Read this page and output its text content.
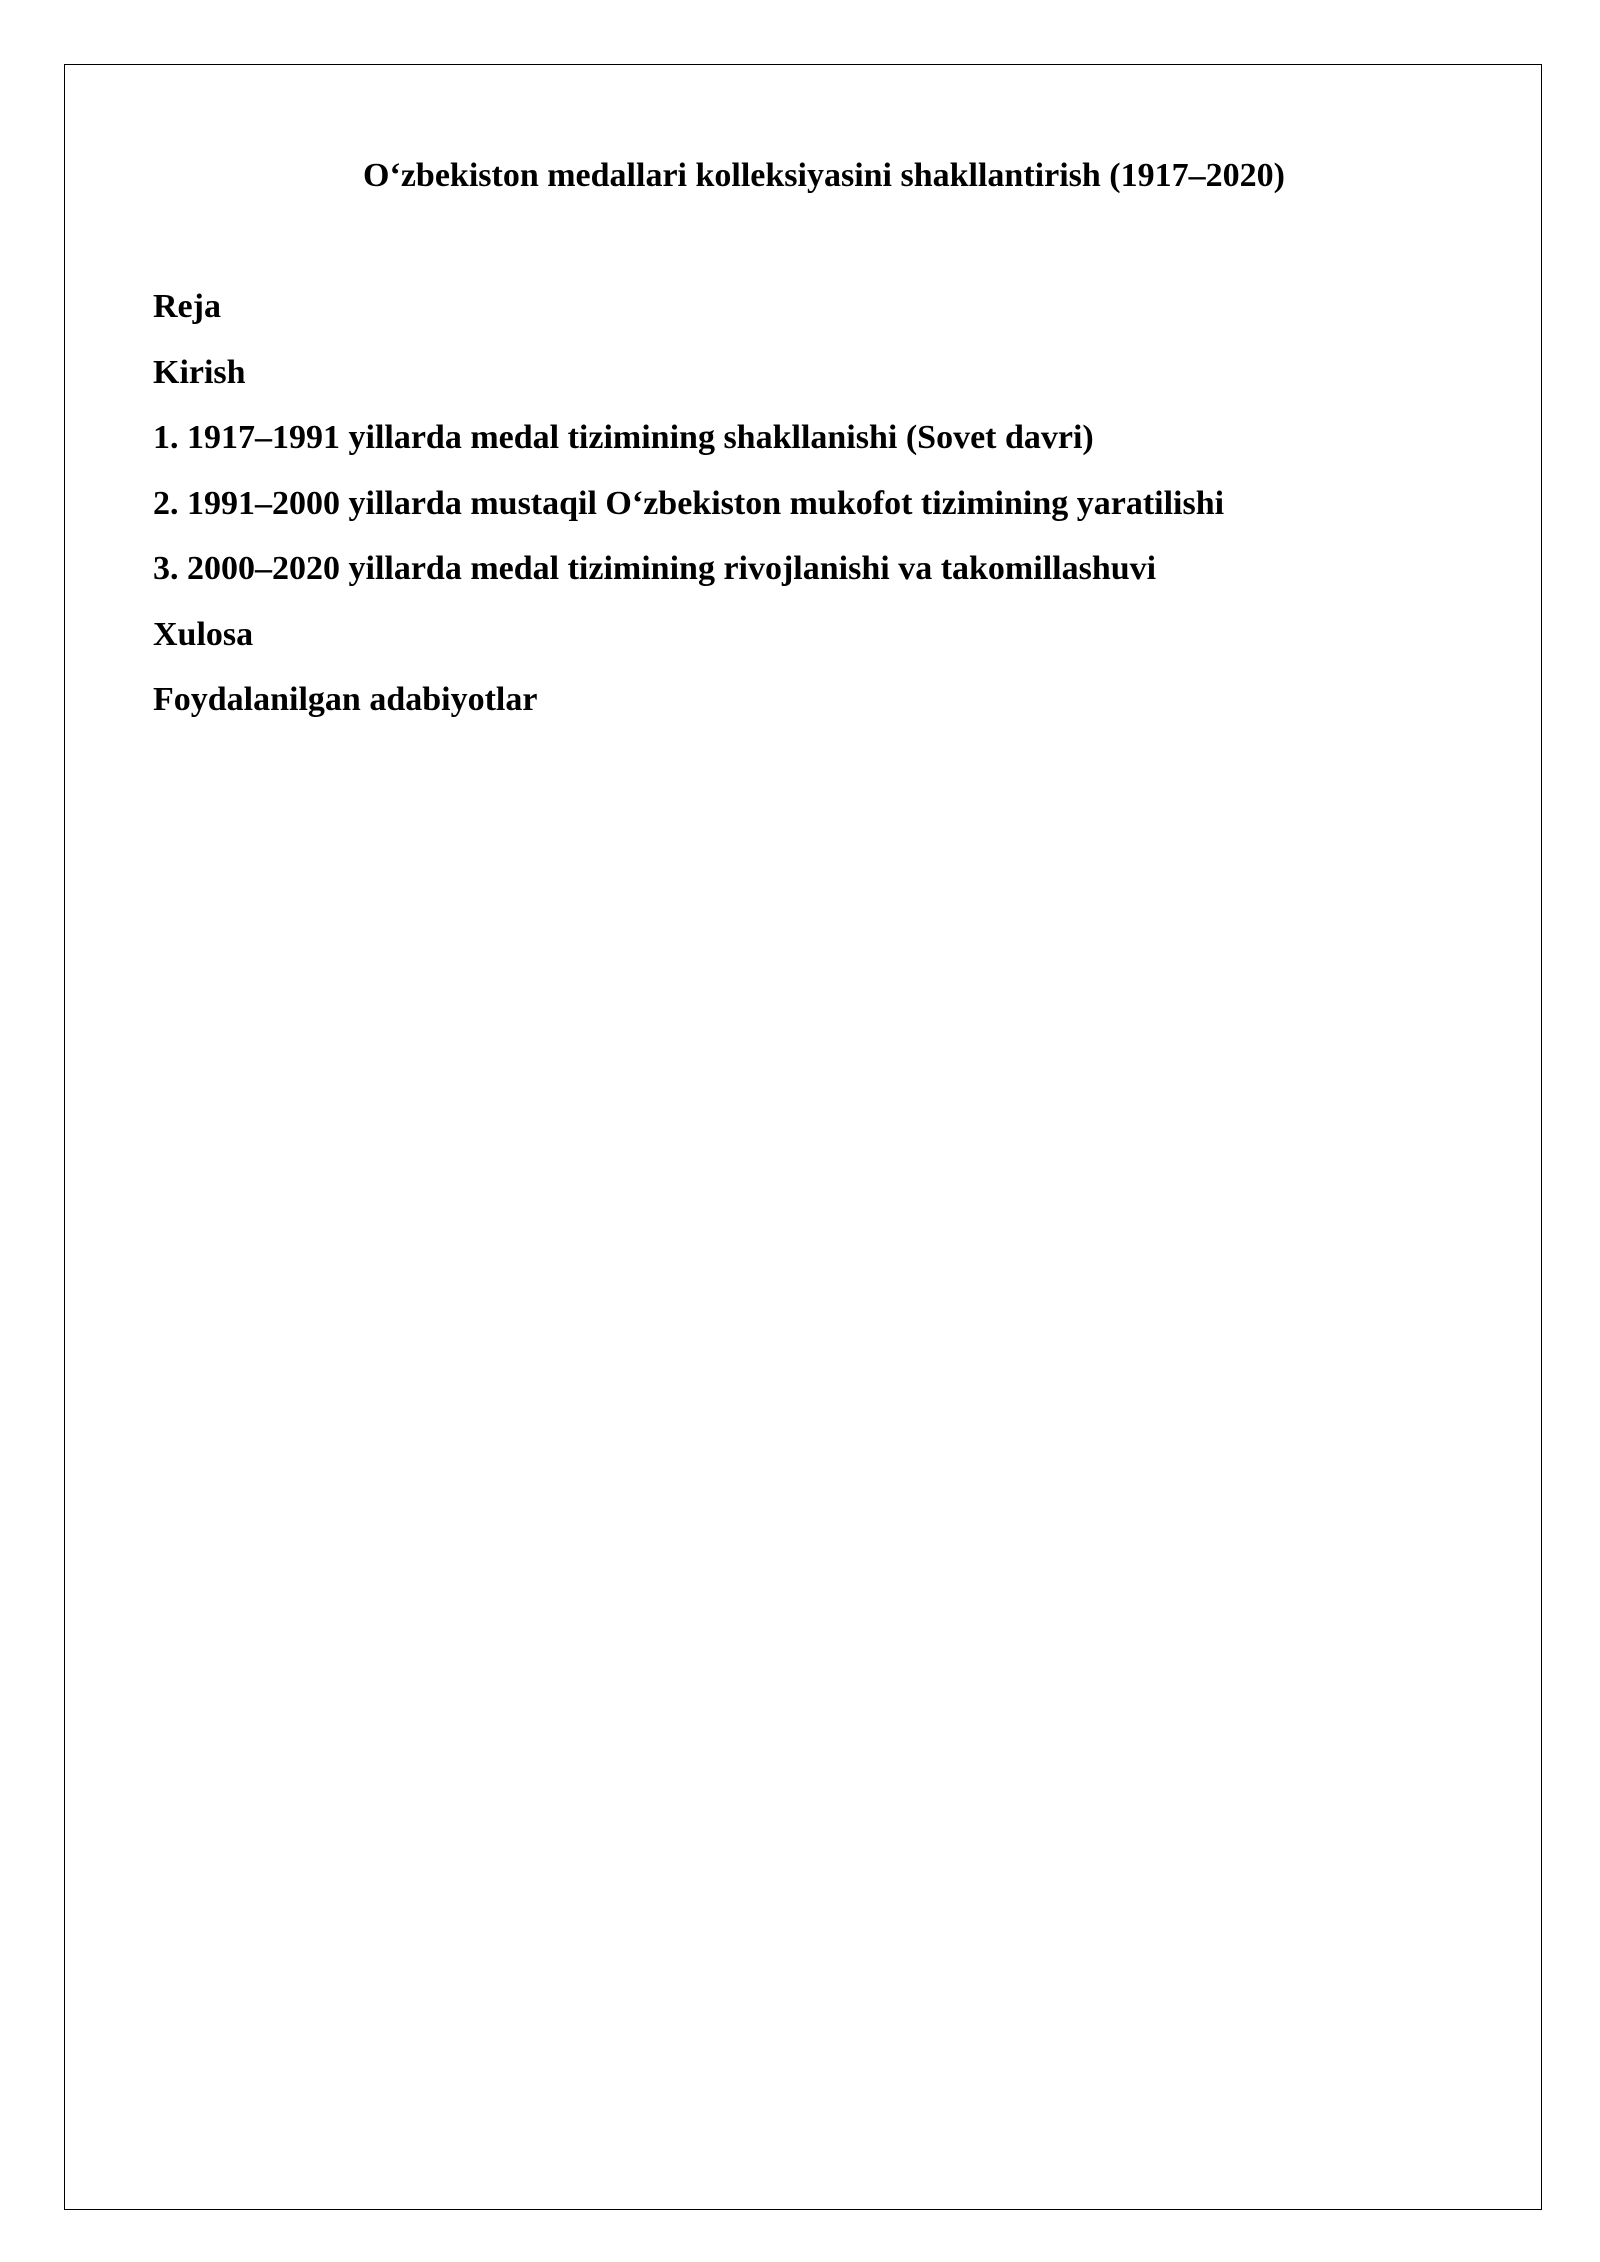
O‘zbekiston medallari kolleksiyasini shakllantirish (1917–2020)
Reja
Kirish
1. 1917–1991 yillarda medal tizimining shakllanishi (Sovet davri)
2. 1991–2000 yillarda mustaqil O‘zbekiston mukofot tizimining yaratilishi
3. 2000–2020 yillarda medal tizimining rivojlanishi va takomillashuvi
Xulosa
Foydalanilgan adabiyotlar
